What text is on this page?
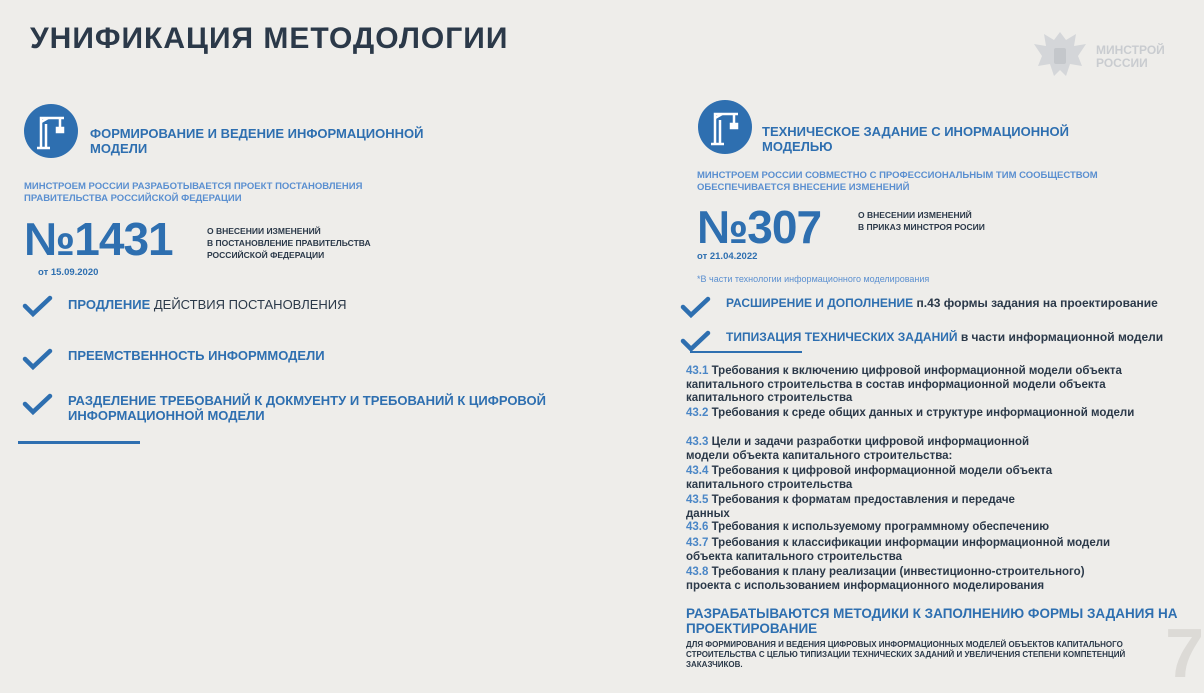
УНИФИКАЦИЯ МЕТОДОЛОГИИ	МИНСТРОЙ
РОССИИ
ФОРМИРОВАНИЕ И ВЕДЕНИЕ ИНФОРМАЦИОННОЙ МОДЕЛИ
МИНСТРОЕМ РОССИИ РАЗРАБОТЫВАЕТСЯ ПРОЕКТ ПОСТАНОВЛЕНИЯ ПРАВИТЕЛЬСТВА РОССИЙСКОЙ ФЕДЕРАЦИИ
№1431	О ВНЕСЕНИИ ИЗМЕНЕНИЙ
В ПОСТАНОВЛЕНИЕ ПРАВИТЕЛЬСТВА
РОССИЙСКОЙ ФЕДЕРАЦИИ
от 15.09.2020
ПРОДЛЕНИЕ ДЕЙСТВИЯ ПОСТАНОВЛЕНИЯ
ПРЕЕМСТВЕННОСТЬ ИНФОРММОДЕЛИ
РАЗДЕЛЕНИЕ ТРЕБОВАНИЙ К ДОКМУЕНТУ И ТРЕБОВАНИЙ К ЦИФРОВОЙ ИНФОРМАЦИОННОЙ МОДЕЛИ
ТЕХНИЧЕСКОЕ ЗАДАНИЕ С ИНОРМАЦИОННОЙ МОДЕЛЬЮ
МИНСТРОЕМ РОССИИ СОВМЕСТНО С ПРОФЕССИОНАЛЬНЫМ ТИМ СООБЩЕСТВОМ ОБЕСПЕЧИВАЕТСЯ ВНЕСЕНИЕ ИЗМЕНЕНИЙ
№307	О ВНЕСЕНИИ ИЗМЕНЕНИЙ
В ПРИКАЗ МИНСТРОЯ РОСИИ
от 21.04.2022
*В части технологии информационного моделирования
РАСШИРЕНИЕ И ДОПОЛНЕНИЕ п.43 формы задания на проектирование
ТИПИЗАЦИЯ ТЕХНИЧЕСКИХ ЗАДАНИЙ в части информационной модели
43.1 Требования к включению цифровой информационной модели объекта капитального строительства в состав информационной модели объекта капитального строительства
43.2 Требования к среде общих данных и структуре информационной модели
43.3 Цели и задачи разработки цифровой информационной модели объекта капитального строительства:
43.4 Требования к цифровой информационной модели объекта капитального строительства
43.5 Требования к форматам предоставления и передаче данных
43.6 Требования к используемому программному обеспечению
43.7 Требования к классификации информации информационной модели объекта капитального строительства
43.8 Требования к плану реализации (инвестиционно-строительного) проекта с использованием информационного моделирования
РАЗРАБАТЫВАЮТСЯ МЕТОДИКИ К ЗАПОЛНЕНИЮ ФОРМЫ ЗАДАНИЯ НА ПРОЕКТИРОВАНИЕ
ДЛЯ ФОРМИРОВАНИЯ И ВЕДЕНИЯ ЦИФРОВЫХ ИНФОРМАЦИОННЫХ МОДЕЛЕЙ ОБЪЕКТОВ КАПИТАЛЬНОГО СТРОИТЕЛЬСТВА С ЦЕЛЬЮ ТИПИЗАЦИИ ТЕХНИЧЕСКИХ ЗАДАНИЙ И УВЕЛИЧЕНИЯ СТЕПЕНИ КОМПЕТЕНЦИЙ ЗАКАЗЧИКОВ.	7
